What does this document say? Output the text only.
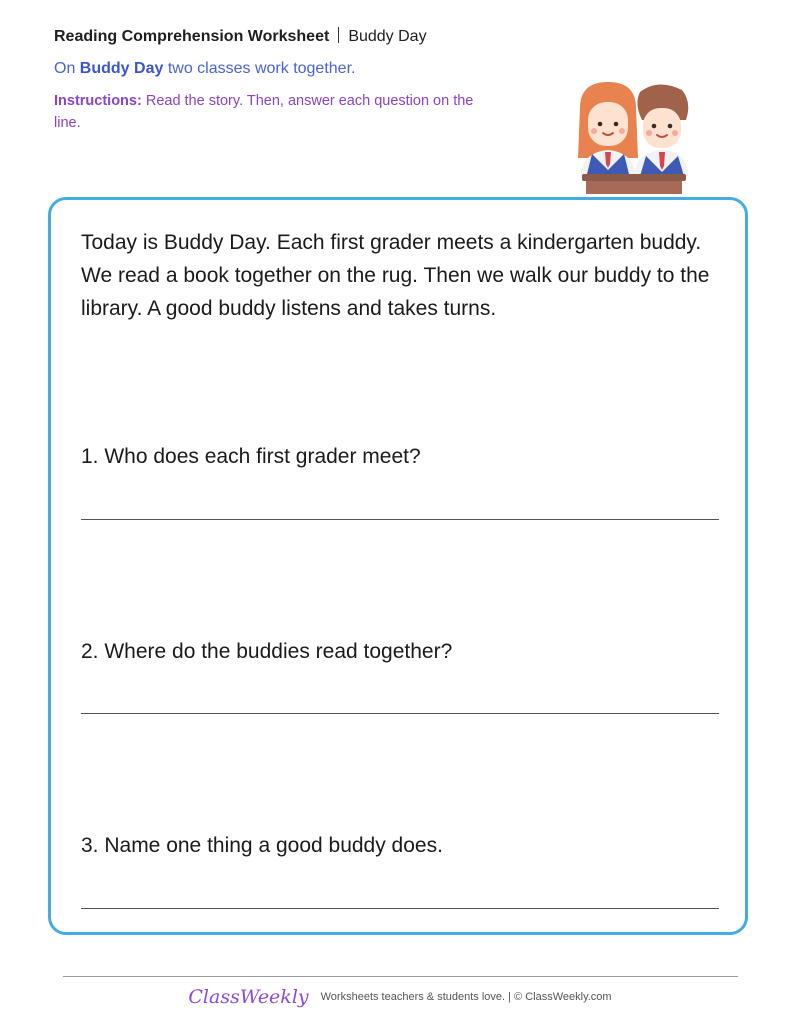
Reading Comprehension Worksheet Buddy Day
On Buddy Day two classes work together.
Instructions: Read the story. Then, answer each question on the line.
Today is Buddy Day. Each first grader meets a kindergarten buddy. We read a book together on the rug. Then we walk our buddy to the library. A good buddy listens and takes turns.
1. Who does each first grader meet?
2. Where do the buddies read together?
3. Name one thing a good buddy does.
ClassWeekly Worksheets teachers & students love. | © ClassWeekly.com
